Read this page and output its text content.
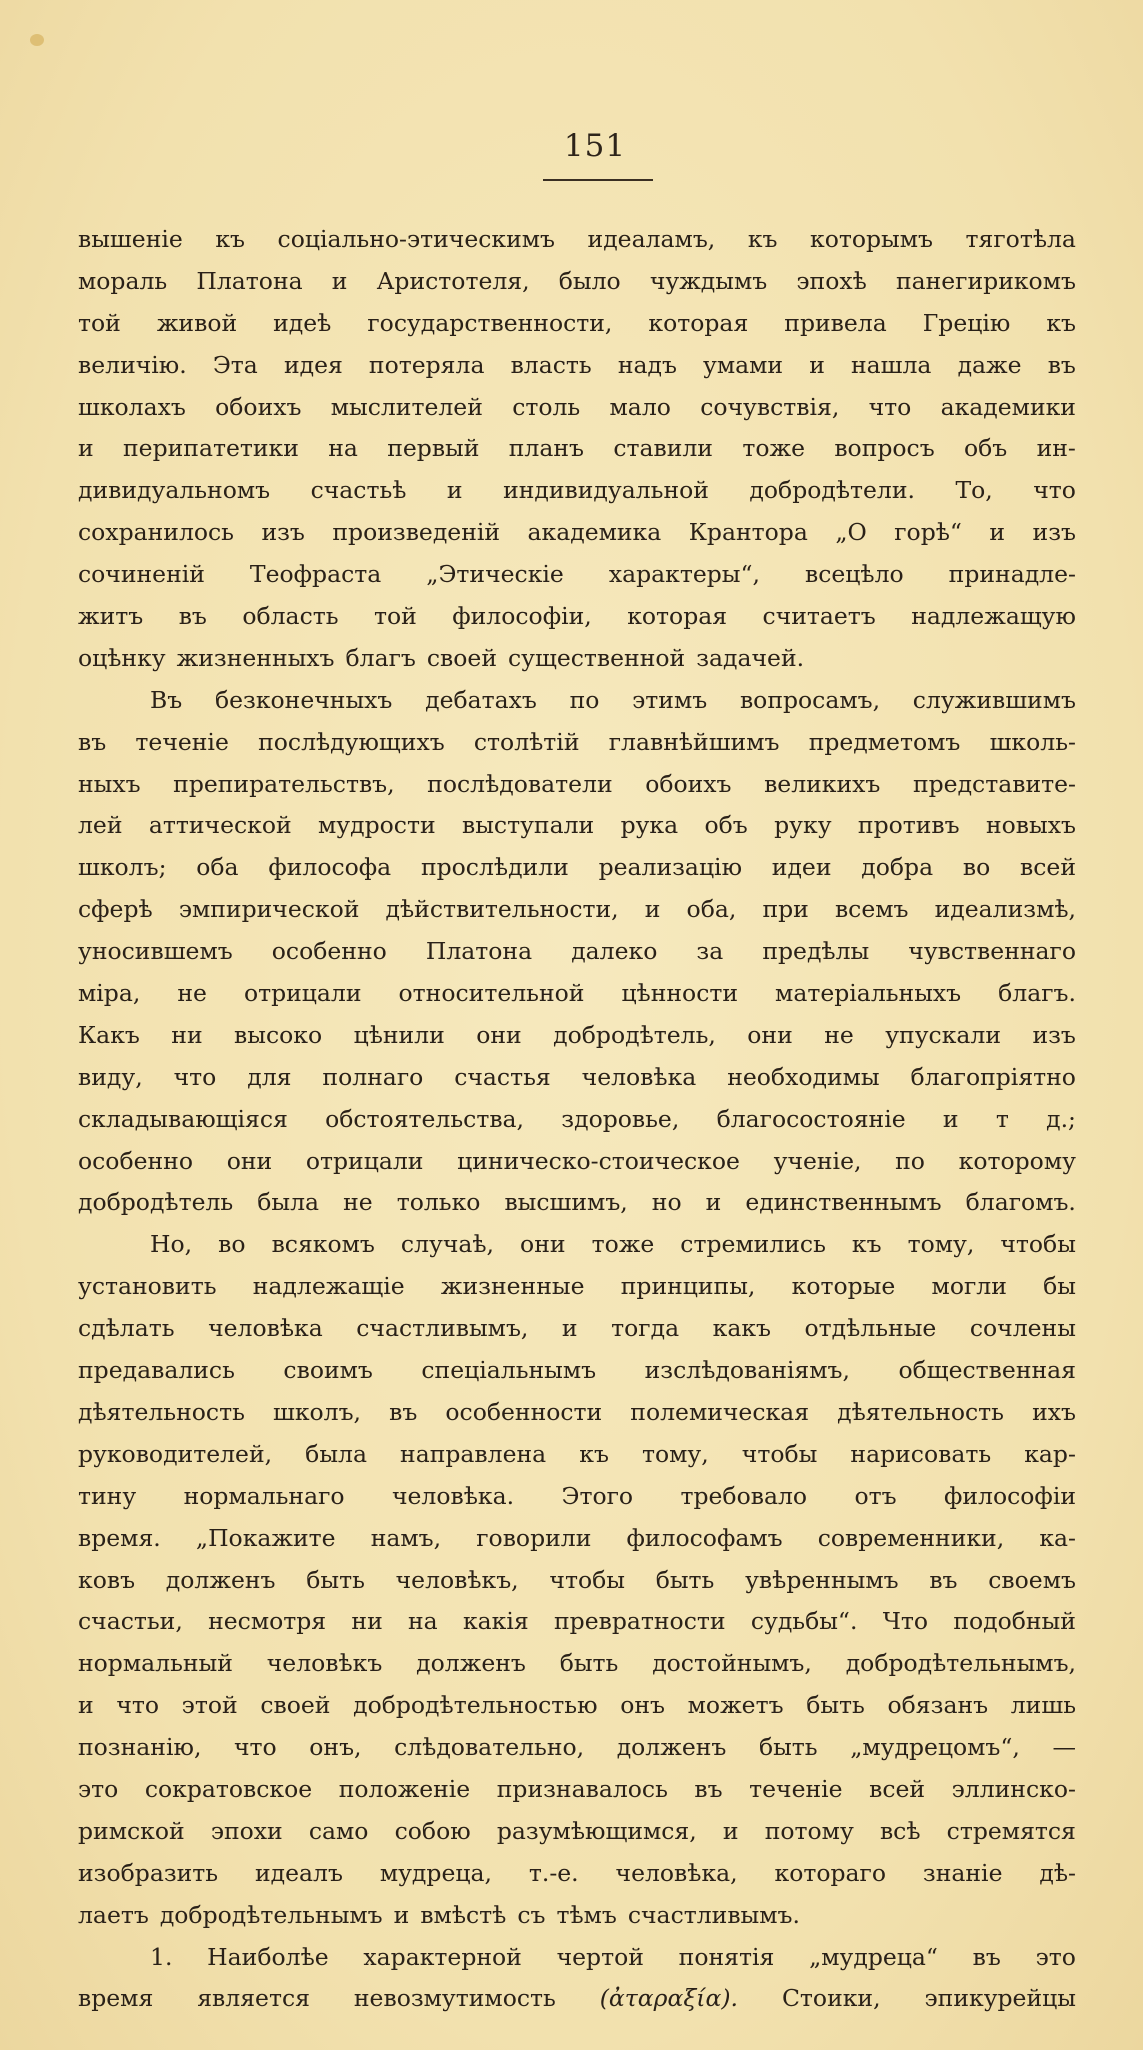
151
вышенiе къ соцiально-этическимъ идеаламъ, къ которымъ тяготѣла
мораль Платона и Аристотеля, было чуждымъ эпохѣ панегирикомъ
той живой идеѣ государственности, которая привела Грецiю къ
величiю. Эта идея потеряла власть надъ умами и нашла даже въ
школахъ обоихъ мыслителей столь мало сочувствiя, что академики
и перипатетики на первый планъ ставили тоже вопросъ объ ин-
дивидуальномъ счастьѣ и индивидуальной добродѣтели. То, что
сохранилось изъ произведенiй академика Крантора „О горѣ“ и изъ
сочиненiй Теофраста „Этическiе характеры“, всецѣло принадле-
житъ въ область той философiи, которая считаетъ надлежащую
оцѣнку жизненныхъ благъ своей существенной задачей.
Въ безконечныхъ дебатахъ по этимъ вопросамъ, служившимъ
въ теченiе послѣдующихъ столѣтiй главнѣйшимъ предметомъ школь-
ныхъ препирательствъ, послѣдователи обоихъ великихъ представите-
лей аттической мудрости выступали рука объ руку противъ новыхъ
школъ; оба философа прослѣдили реализацiю идеи добра во всей
сферѣ эмпирической дѣйствительности, и оба, при всемъ идеализмѣ,
уносившемъ особенно Платона далеко за предѣлы чувственнаго
мiра, не отрицали относительной цѣнности матерiальныхъ благъ.
Какъ ни высоко цѣнили они добродѣтель, они не упускали изъ
виду, что для полнаго счастья человѣка необходимы благопрiятно
складывающiяся обстоятельства, здоровье, благосостоянiе и т д.;
особенно они отрицали циническо-стоическое ученiе, по которому
добродѣтель была не только высшимъ, но и единственнымъ благомъ.
Но, во всякомъ случаѣ, они тоже стремились къ тому, чтобы
установить надлежащiе жизненные принципы, которые могли бы
сдѣлать человѣка счастливымъ, и тогда какъ отдѣльные сочлены
предавались своимъ спецiальнымъ изслѣдованiямъ, общественная
дѣятельность школъ, въ особенности полемическая дѣятельность ихъ
руководителей, была направлена къ тому, чтобы нарисовать кар-
тину нормальнаго человѣка. Этого требовало отъ философiи
время. „Покажите намъ, говорили философамъ современники, ка-
ковъ долженъ быть человѣкъ, чтобы быть увѣреннымъ въ своемъ
счастьи, несмотря ни на какiя превратности судьбы“. Что подобный
нормальный человѣкъ долженъ быть достойнымъ, добродѣтельнымъ,
и что этой своей добродѣтельностью онъ можетъ быть обязанъ лишь
познанiю, что онъ, слѣдовательно, долженъ быть „мудрецомъ“, —
это сократовское положенiе признавалось въ теченiе всей эллинско-
римской эпохи само собою разумѣющимся, и потому всѣ стремятся
изобразить идеалъ мудреца, т.-е. человѣка, котораго знанiе дѣ-
лаетъ добродѣтельнымъ и вмѣстѣ съ тѣмъ счастливымъ.
1. Наиболѣе характерной чертой понятiя „мудреца“ въ это
время является невозмутимость (ἀταραξία). Стоики, эпикурейцы
